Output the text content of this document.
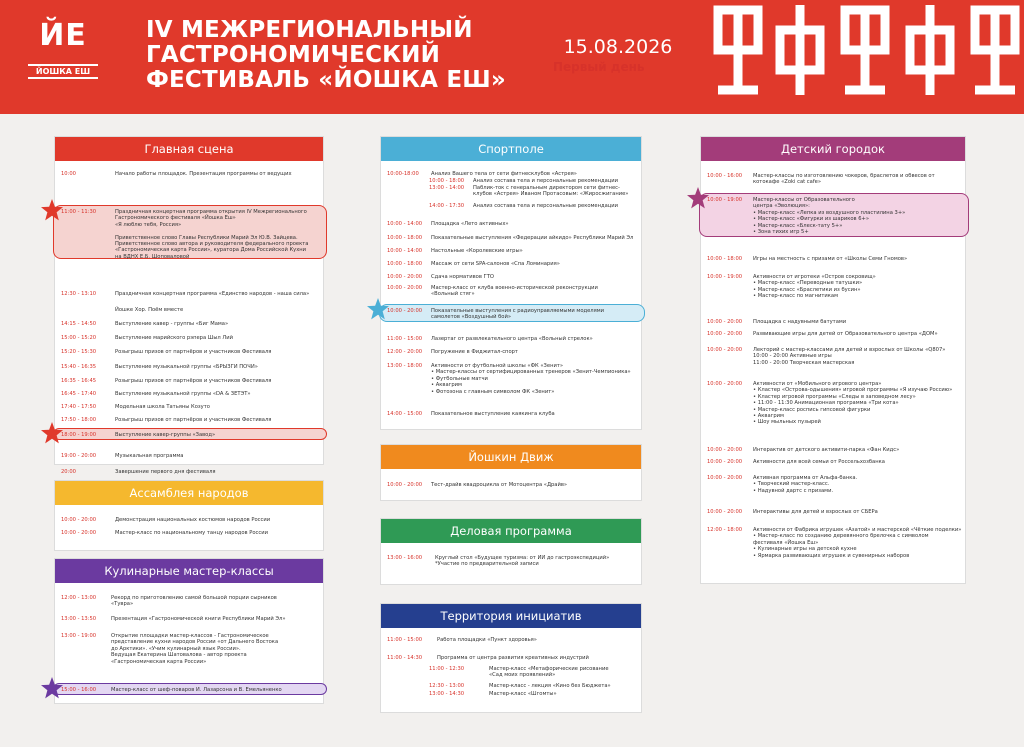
ЙЕ
ЙОШКА ЕШ
IV МЕЖРЕГИОНАЛЬНЫЙ
ГАСТРОНОМИЧЕСКИЙ
ФЕСТИВАЛЬ «ЙОШКА ЕШ»
15.08.2026
Первый день
Главная сцена
10:00	Начало работы площадок. Презентация программы от ведущих
11:00 - 11:30	Праздничная концертная программа открытия IV Межрегионального
Гастрономического фестиваля «Йошка Еш»
«Я люблю тебя, Россия»
Приветственное слово Главы Республики Марий Эл Ю.В. Зайцева.
Приветственное слово автора и руководителя федерального проекта
«Гастрономическая карта России», куратора Дома Российской Кухни
на ВДНХ Е.Б. Шоповаловой
12:30 - 13:10	Праздничная концертная программа «Единство народов - наша сила»
Йошке Хор. Поём вместе
14:15 - 14:50	Выступление кавер - группы «Биг Мама»
15:00 - 15:20	Выступление марийского рэпера Шыл Лий
15:20 - 15:30	Розыгрыш призов от партнёров и участников Фестиваля
15:40 - 16:35	Выступление музыкальной группы «БРЫЗГИ ПОЧИ»
16:35 - 16:45	Розыгрыш призов от партнёров и участников Фестиваля
16:45 - 17:40	Выступление музыкальной группы «DA & ЗЕТЭТ»
17:40 - 17:50	Модельная школа Татьяны Козуто
17:50 - 18:00	Розыгрыш призов от партнёров и участников Фестиваля
18:00 - 19:00	Выступление кавер-группы «Завод»
19:00 - 20:00	Музыкальная программа
20:00	Завершение первого дня фестиваля
Ассамблея народов
10:00 - 20:00	Демонстрация национальных костюмов народов России
10:00 - 20:00	Мастер-класс по национальному танцу народов России
Кулинарные мастер-классы
12:00 - 13:00	Рекорд по приготовлению самой большой порции сырников
«Тувра»
13:00 - 13:50	Презентация «Гастрономической книги Республики Марий Эл»
13:00 - 19:00	Открытие площадки мастер-классов - Гастрономическое
представление кухни народов России «от Дальнего Востока
до Арктики». «Учим кулинарный язык России».
Ведущая Екатерина Шатовалова - автор проекта
«Гастрономическая карта России»
15:00 - 16:00	Мастер-класс от шеф-поваров И. Лазарсона и В. Емельяненко
Спортполе
10:00-18:00 Анализ Вашего тела от сети фитнесклубов «Астрея»
10:00 - 18:00 Анализ состава тела и персональные рекомендации
13:00 - 14:00 Паблик-ток с генеральным директором сети фитнес-
клубов «Астрея» Иваном Протасовым: «Жиросжигание»
14:00 - 17:30 Анализ состава тела и персональные рекомендации
10:00 - 14:00 Площадка «Лето активных»
10:00 - 18:00 Показательные выступления «Федерации айкидо» Республики Марий Эл
10:00 - 14:00 Настольные «Королевские игры»
10:00 - 18:00 Массаж от сети SPA-салонов «Спа Ломинария»
10:00 - 20:00 Сдача нормативов ГТО
10:00 - 20:00 Мастер-класс от клуба военно-исторической реконструкции
«Вольный стяг»
10:00 - 20:00 Показательные выступления с радиоуправляемыми моделями
самолетов «Воздушный бой»
11:00 - 15:00 Лазертаг от развлекательного центра «Вольный стрелок»
12:00 - 20:00 Погружение в Фиджитал-спорт
13:00 - 18:00 Активности от футбольной школы «ФК «Зенит»
• Мастер-классы от сертифицированных тренеров «Зенит-Чемпионика»
• Футбольные матчи
• Аквагрим
• Фотозона с главным символом ФК «Зенит»
14:00 - 15:00 Показательное выступление каякинга клуба
Йошкин Движ
10:00 - 20:00 Тест-драйв квадроцикла от Мотоцентра «Драйв»
Деловая программа
13:00 - 16:00 Круглый стол «Будущее туризма: от ИИ до гастроэкспедиций»
*Участие по предварительной записи
Территория инициатив
11:00 - 15:00	Работа площадки «Пункт здоровья»
11:00 - 14:30	Программа от центра развития креативных индустрий
11:00 - 12:30	Мастер-класс «Метафорические рисование
«Сад моих проявлений»
12:30 - 13:00	Мастер-класс - лекция «Кино без Бюджета»
13:00 - 14:30	Мастер-класс «Шгомты»
Детский городок
10:00 - 16:00 Мастер-классы по изготовлению чокеров, браслетов и обвесов от
котокафе «Zoki cat cafe»
10:00 - 19:00 Мастер-классы от Образовательного
центра «Эволюция»:
• Мастер-класс «Лепка из воздушного пластилина 3+»
• Мастер-класс «Фигурки из шариков 6+»
• Мастер-класс «Блеск-тату 5+»
• Зона тихих игр 5+
10:00 - 18:00 Игры на местность с призами от «Школы Семи Гномов»
10:00 - 19:00 Активности от игротеки «Остров сокровищ»
• Мастер-класс «Переводные татушки»
• Мастер-класс «Браслетики из бусин»
• Мастер-класс по магнитикам
10:00 - 20:00 Площадка с надувными батутами
10:00 - 20:00 Развивающие игры для детей от Образовательного центра «ДОМ»
10:00 - 20:00 Лекторий с мастер-классами для детей и взрослых от Школы «Q807»
10:00 - 20:00 Активные игры
11:00 - 20:00 Творческая мастерская
10:00 - 20:00 Активности от «Мобильного игрового центра»
• Кластер «Островa-одышения» игровой программы «Я изучаю Россию»
• Кластер игровой программы «Следы в заповедном лесу»
• 11:00 - 11:30 Анимационная программа «Три кота»
• Мастер-класс роспись гипсовой фигурки
• Аквагрим
• Шоу мыльных пузырей
10:00 - 20:00 Интерактив от детского активити-парка «Фан Кидс»
10:00 - 20:00 Активности для всей семьи от Россельхозбанка
10:00 - 20:00 Активная программа от Альфа-банка.
• Творческий мастер-класс.
• Надувной дартс с призами.
10:00 - 20:00 Интерактивы для детей и взрослых от СБЕРа
12:00 - 18:00 Активности от Фабрика игрушек «Азатой» и мастерской «Чёткие поделки»
• Мастер-класс по созданию деревянного брелочка с символом
фестиваля «Йошка Еш»
• Кулинарные игры на детской кухне
• Ярмарка развивающих игрушек и сувенирных наборов
